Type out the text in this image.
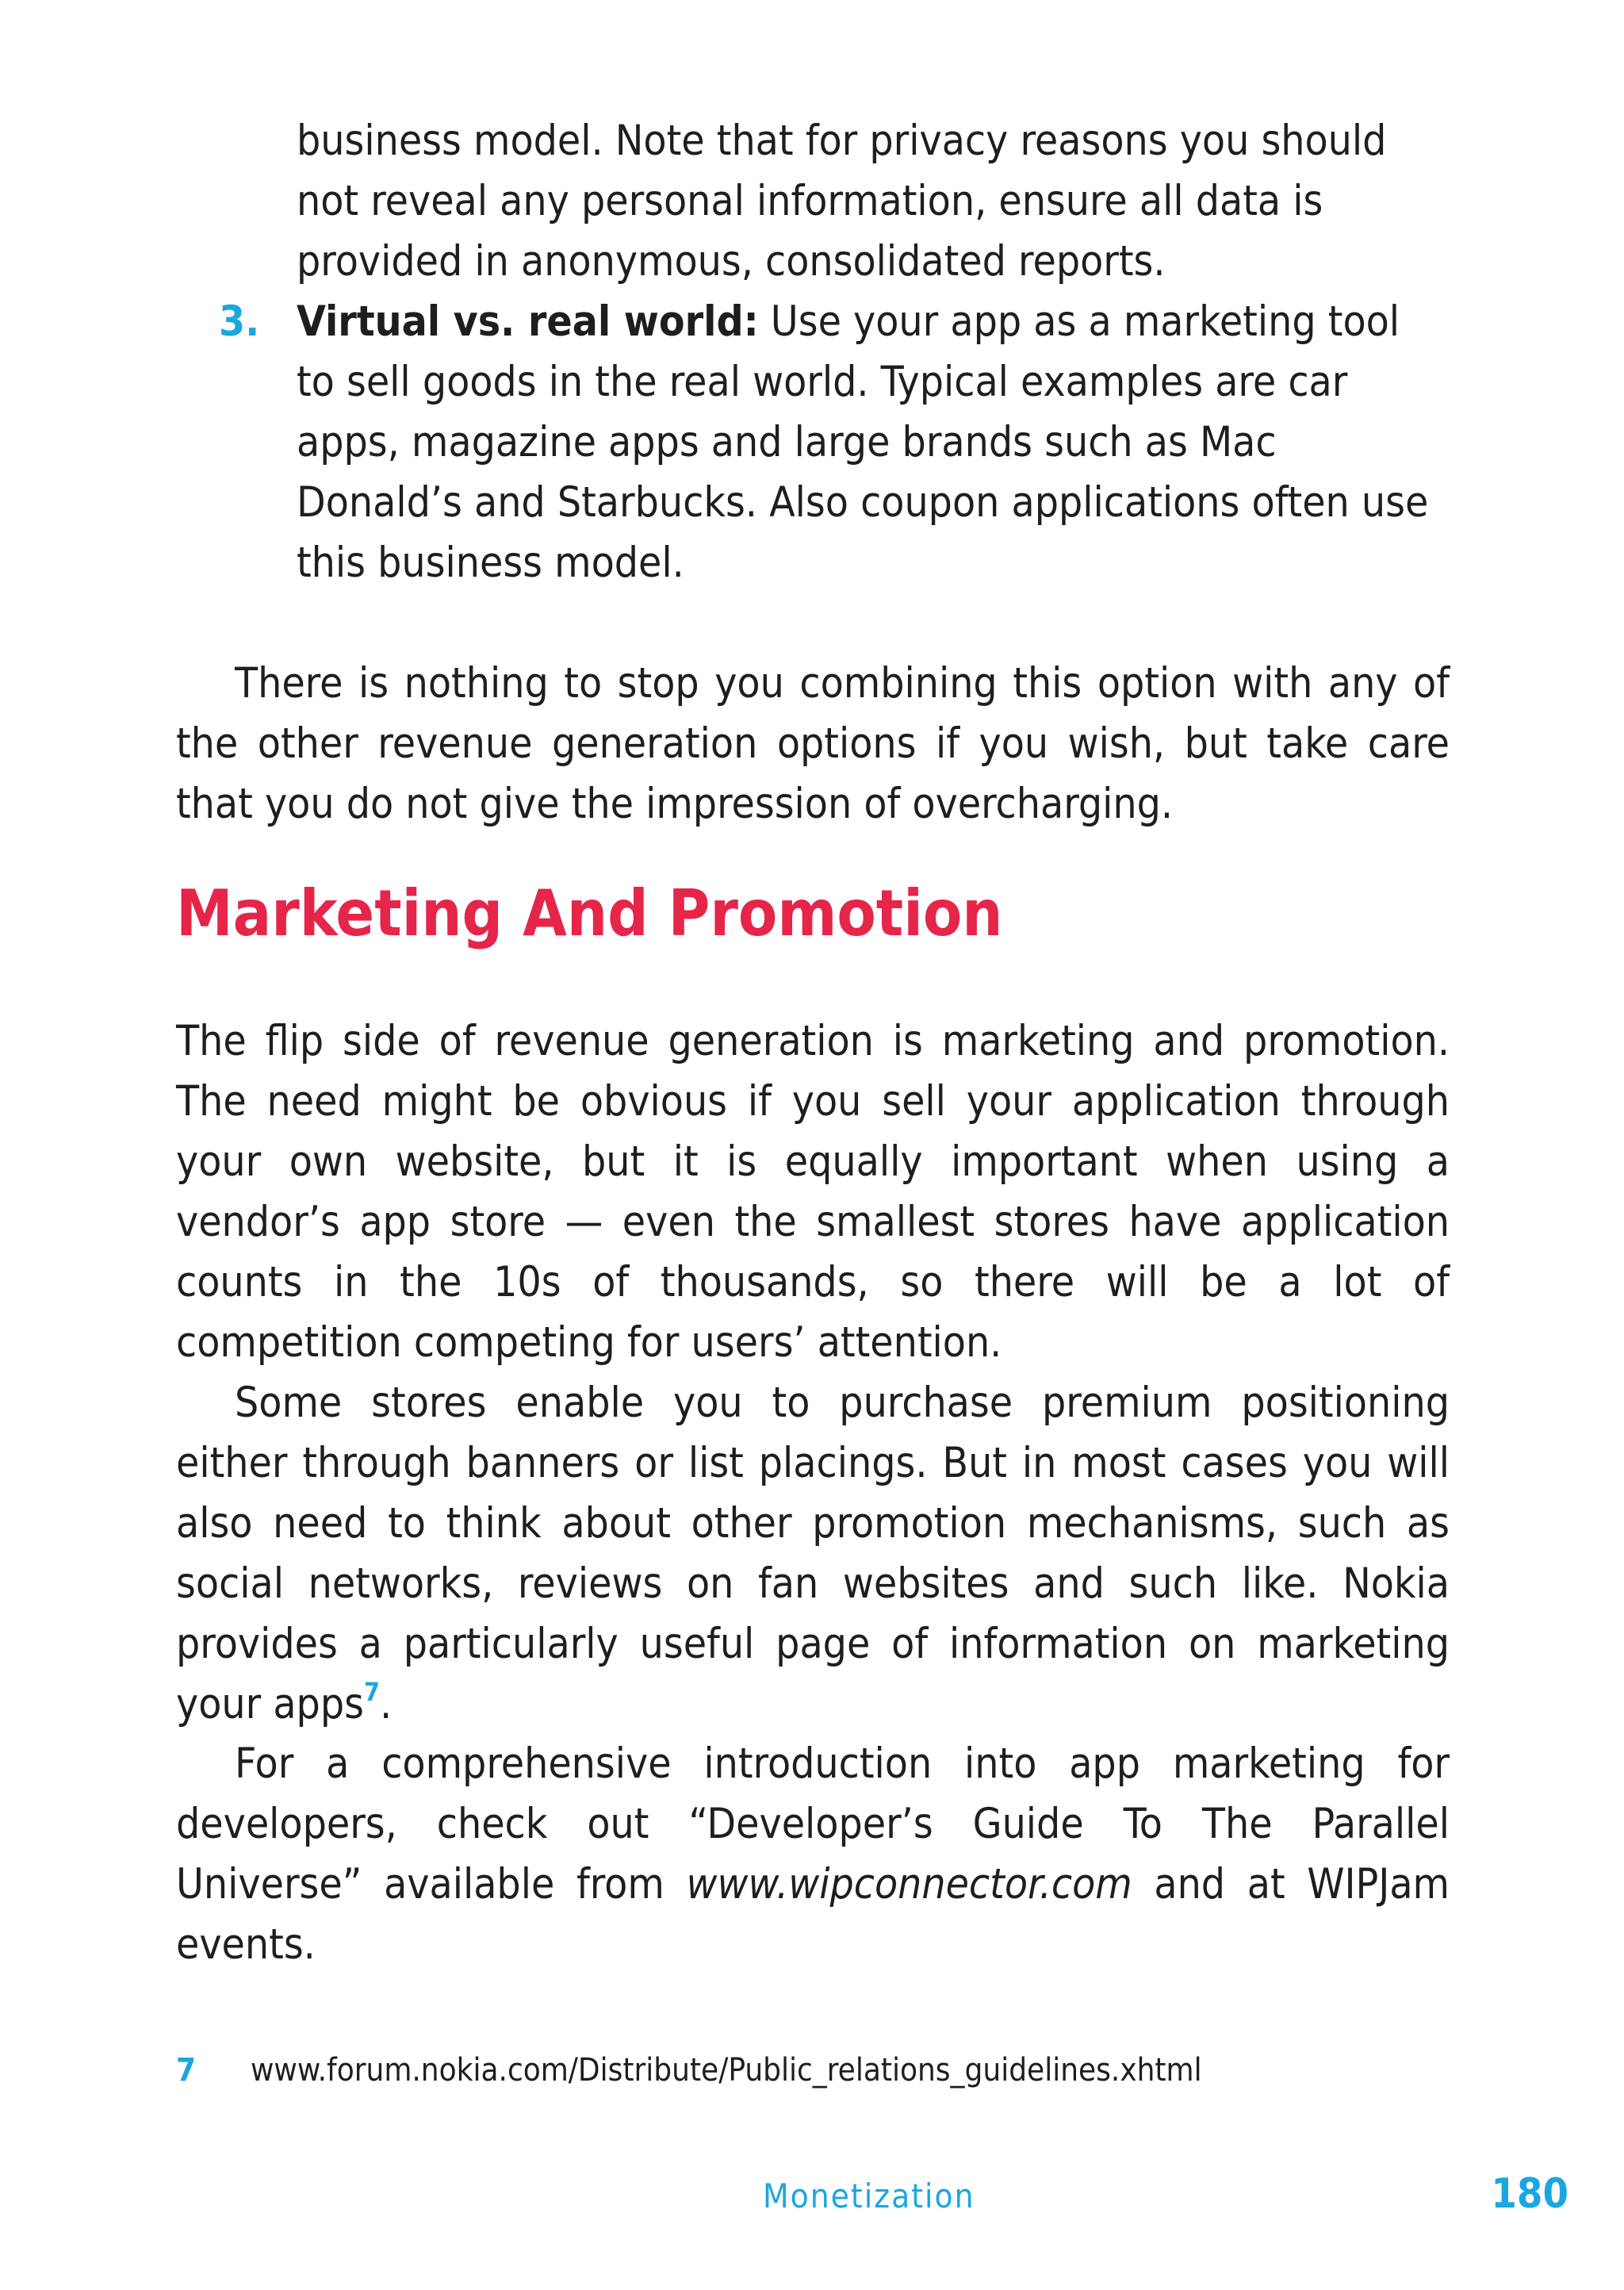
business model. Note that for privacy reasons you should not reveal any personal information, ensure all data is provided in anonymous, consolidated reports.

3. Virtual vs. real world: Use your app as a marketing tool to sell goods in the real world. Typical examples are car apps, magazine apps and large brands such as Mac Donald’s and Starbucks. Also coupon applications often use this business model.

There is nothing to stop you combining this option with any of the other revenue generation options if you wish, but take care that you do not give the impression of overcharging.

Marketing And Promotion

The flip side of revenue generation is marketing and promotion. The need might be obvious if you sell your application through your own website, but it is equally important when using a vendor’s app store — even the smallest stores have application counts in the 10s of thousands, so there will be a lot of competition competing for users’ attention.

Some stores enable you to purchase premium positioning either through banners or list placings. But in most cases you will also need to think about other promotion mechanisms, such as social networks, reviews on fan websites and such like. Nokia provides a particularly useful page of information on marketing your apps$^7$.

For a comprehensive introduction into app marketing for developers, check out “Developer’s Guide To The Parallel Universe” available from www.wipconnector.com and at WIPJam events.

7 www.forum.nokia.com/Distribute/Public_relations_guidelines.xhtml
Monetization	180
